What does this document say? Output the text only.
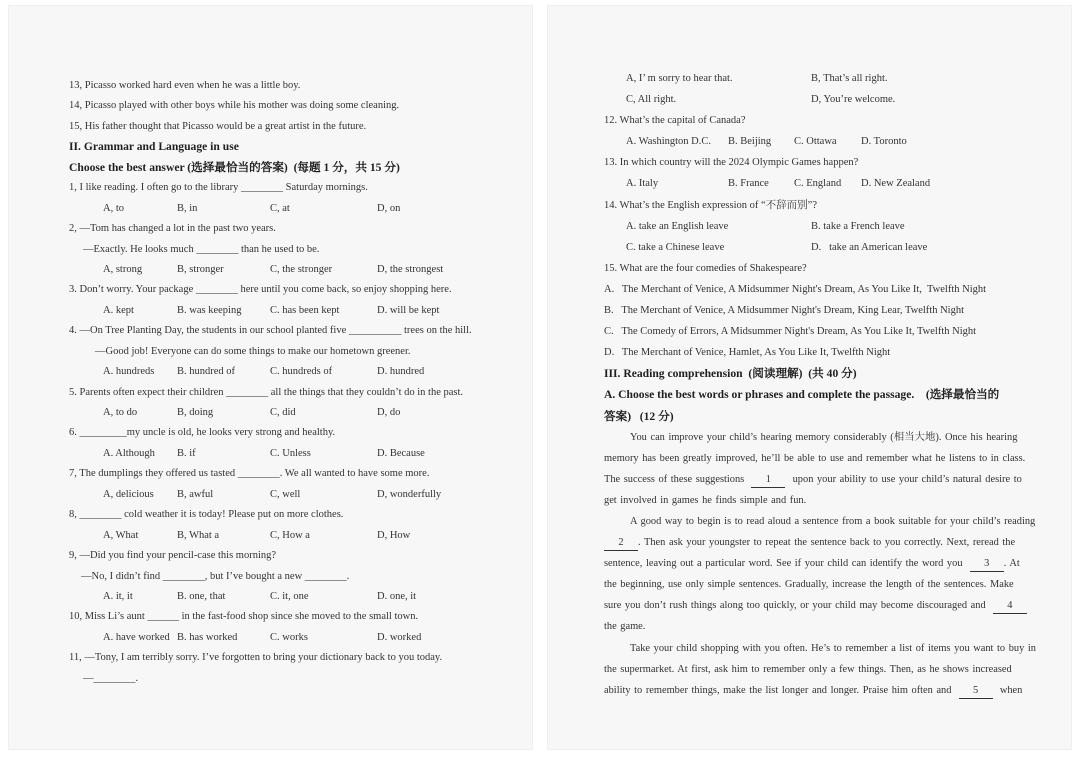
13, Picasso worked hard even when he was a little boy.
14, Picasso played with other boys while his mother was doing some cleaning.
15, His father thought that Picasso would be a great artist in the future.
II. Grammar and Language in use
Choose the best answer (选择最恰当的答案)  (每题 1 分，共 15 分)
1, I like reading. I often go to the library ________ Saturday mornings.
A, to	B, in	C, at	D, on
2, —Tom has changed a lot in the past two years.
—Exactly. He looks much ________ than he used to be.
A, strong	B, stronger	C, the stronger	D, the strongest
3. Don’t worry. Your package ________ here until you come back, so enjoy shopping here.
A. kept	B. was keeping	C. has been kept	D. will be kept
4. —On Tree Planting Day, the students in our school planted five __________ trees on the hill.
—Good job! Everyone can do some things to make our hometown greener.
A. hundreds B. hundred of	C. hundreds of	D. hundred
5. Parents often expect their children ________ all the things that they couldn’t do in the past.
A, to do	B, doing	C, did	D, do
6. _________my uncle is old, he looks very strong and healthy.
A. Although B. if	C. Unless	D. Because
7, The dumplings they offered us tasted ________. We all wanted to have some more.
A, delicious B, awful	C, well	D, wonderfully
8, ________ cold weather it is today! Please put on more clothes.
A, What	B, What a	C, How a	D, How
9, —Did you find your pencil-case this morning?
—No, I didn’t find ________, but I’ve bought a new ________.
A. it, it	B. one, that	C. it, one	D. one, it
10, Miss Li’s aunt ______ in the fast-food shop since she moved to the small town.
A. have worked B. has worked	C. works	D. worked
11, —Tony, I am terribly sorry. I’ve forgotten to bring your dictionary back to you today.
—________.
A, I’ m sorry to hear that.	B, That’s all right.
C, All right.	D, You’re welcome.
12. What’s the capital of Canada?
A. Washington D.C. B. Beijing C. Ottawa D. Toronto
13. In which country will the 2024 Olympic Games happen?
A. Italy	B. France C. England D. New Zealand
14. What’s the English expression of “不辞而别”?
A. take an English leave	B. take a French leave
C. take a Chinese leave	D.   take an American leave
15. What are the four comedies of Shakespeare?
A.   The Merchant of Venice, A Midsummer Night's Dream, As You Like It,  Twelfth Night
B.   The Merchant of Venice, A Midsummer Night's Dream, King Lear, Twelfth Night
C.   The Comedy of Errors, A Midsummer Night's Dream, As You Like It, Twelfth Night
D.   The Merchant of Venice, Hamlet, As You Like It, Twelfth Night
III. Reading comprehension  (阅读理解)  (共 40 分)
A. Choose the best words or phrases and complete the passage.    (选择最恰当的
答案)   (12 分)
You can improve your child’s hearing memory considerably (相当大地). Once his hearing
memory has been greatly improved, he’ll be able to use and remember what he listens to in class.
The success of these suggestions  1  upon your ability to use your child’s natural desire to
get involved in games he finds simple and fun.
A good way to begin is to read aloud a sentence from a book suitable for your child’s reading
2 . Then ask your youngster to repeat the sentence back to you correctly. Next, reread the
sentence, leaving out a particular word. See if your child can identify the word you  3 . At
the beginning, use only simple sentences. Gradually, increase the length of the sentences. Make
sure you don’t rush things along too quickly, or your child may become discouraged and  4
the game.
Take your child shopping with you often. He’s to remember a list of items you want to buy in
the supermarket. At first, ask him to remember only a few things. Then, as he shows increased
ability to remember things, make the list longer and longer. Praise him often and  5  when
